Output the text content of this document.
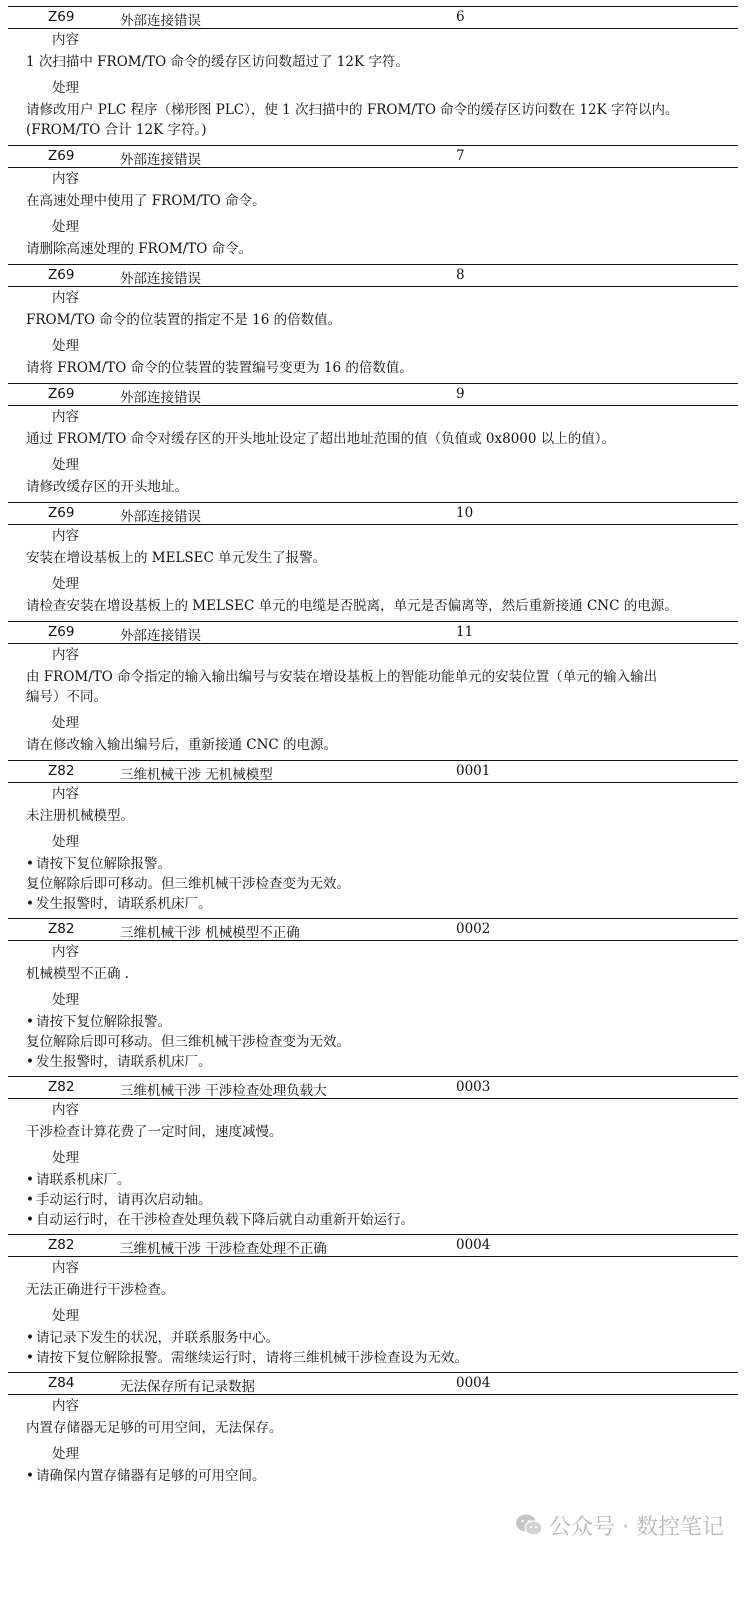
Z69	外部连接错误	6
内容
1 次扫描中 FROM/TO 命令的缓存区访问数超过了 12K 字符。
处理
请修改用户 PLC 程序（梯形图 PLC），使 1 次扫描中的 FROM/TO 命令的缓存区访问数在 12K 字符以内。
(FROM/TO 合计 12K 字符。)
Z69	外部连接错误	7
内容
在高速处理中使用了 FROM/TO 命令。
处理
请删除高速处理的 FROM/TO 命令。
Z69	外部连接错误	8
内容
FROM/TO 命令的位装置的指定不是 16 的倍数值。
处理
请将 FROM/TO 命令的位装置的装置编号变更为 16 的倍数值。
Z69	外部连接错误	9
内容
通过 FROM/TO 命令对缓存区的开头地址设定了超出地址范围的值（负值或 0x8000 以上的值）。
处理
请修改缓存区的开头地址。
Z69	外部连接错误	10
内容
安装在增设基板上的 MELSEC 单元发生了报警。
处理
请检查安装在增设基板上的 MELSEC 单元的电缆是否脱离，单元是否偏离等，然后重新接通 CNC 的电源。
Z69	外部连接错误	11
内容
由 FROM/TO 命令指定的输入输出编号与安装在增设基板上的智能功能单元的安装位置（单元的输入输出
编号）不同。
处理
请在修改输入输出编号后，重新接通 CNC 的电源。
Z82	三维机械干涉 无机械模型	0001
内容
未注册机械模型。
处理
• 请按下复位解除报警。
复位解除后即可移动。但三维机械干涉检查变为无效。
• 发生报警时，请联系机床厂。
Z82	三维机械干涉 机械模型不正确	0002
内容
机械模型不正确 .
处理
• 请按下复位解除报警。
复位解除后即可移动。但三维机械干涉检查变为无效。
• 发生报警时，请联系机床厂。
Z82	三维机械干涉 干涉检查处理负载大	0003
内容
干涉检查计算花费了一定时间，速度减慢。
处理
• 请联系机床厂。
• 手动运行时，请再次启动轴。
• 自动运行时，在干涉检查处理负载下降后就自动重新开始运行。
Z82	三维机械干涉 干涉检查处理不正确	0004
内容
无法正确进行干涉检查。
处理
• 请记录下发生的状况，并联系服务中心。
• 请按下复位解除报警。需继续运行时，请将三维机械干涉检查设为无效。
Z84	无法保存所有记录数据	0004
内容
内置存储器无足够的可用空间，无法保存。
处理
• 请确保内置存储器有足够的可用空间。
公众号 · 数控笔记
